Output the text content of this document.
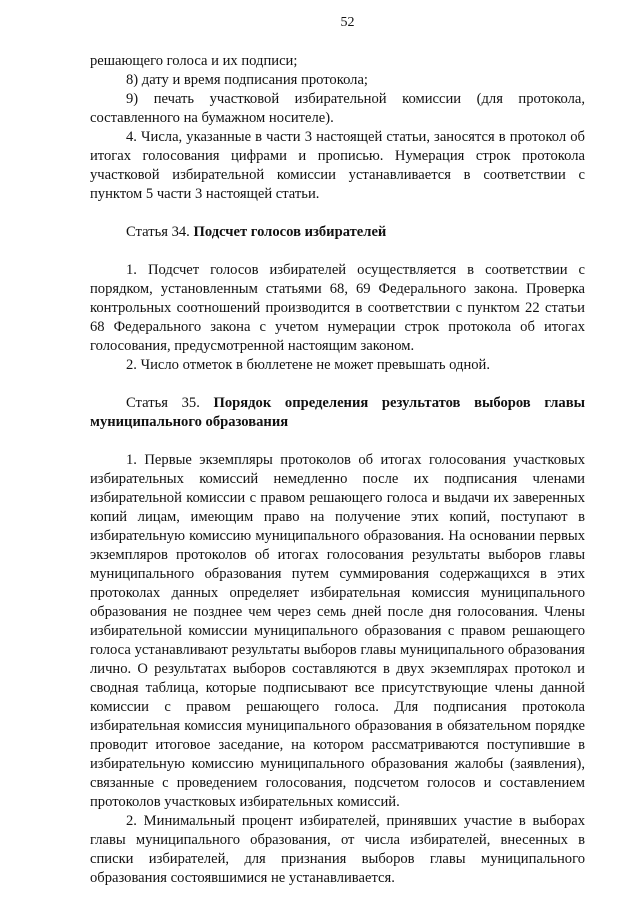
52

решающего голоса и их подписи;

8) дату и время подписания протокола;

9) печать участковой избирательной комиссии (для протокола, составленного на бумажном носителе).

4. Числа, указанные в части 3 настоящей статьи, заносятся в протокол об итогах голосования цифрами и прописью. Нумерация строк протокола участковой избирательной комиссии устанавливается в соответствии с пунктом 5 части 3 настоящей статьи.

Статья 34. Подсчет голосов избирателей

1. Подсчет голосов избирателей осуществляется в соответствии с порядком, установленным статьями 68, 69 Федерального закона. Проверка контрольных соотношений производится в соответствии с пунктом 22 статьи 68 Федерального закона с учетом нумерации строк протокола об итогах голосования, предусмотренной настоящим законом.

2. Число отметок в бюллетене не может превышать одной.

Статья 35. Порядок определения результатов выборов главы муниципального образования

1. Первые экземпляры протоколов об итогах голосования участковых избирательных комиссий немедленно после их подписания членами избирательной комиссии с правом решающего голоса и выдачи их заверенных копий лицам, имеющим право на получение этих копий, поступают в избирательную комиссию муниципального образования. На основании первых экземпляров протоколов об итогах голосования результаты выборов главы муниципального образования путем суммирования содержащихся в этих протоколах данных определяет избирательная комиссия муниципального образования не позднее чем через семь дней после дня голосования. Члены избирательной комиссии муниципального образования с правом решающего голоса устанавливают результаты выборов главы муниципального образования лично. О результатах выборов составляются в двух экземплярах протокол и сводная таблица, которые подписывают все присутствующие члены данной комиссии с правом решающего голоса. Для подписания протокола избирательная комиссия муниципального образования в обязательном порядке проводит итоговое заседание, на котором рассматриваются поступившие в избирательную комиссию муниципального образования жалобы (заявления), связанные с проведением голосования, подсчетом голосов и составлением протоколов участковых избирательных комиссий.

2. Минимальный процент избирателей, принявших участие в выборах главы муниципального образования, от числа избирателей, внесенных в списки избирателей, для признания выборов главы муниципального образования состоявшимися не устанавливается.
